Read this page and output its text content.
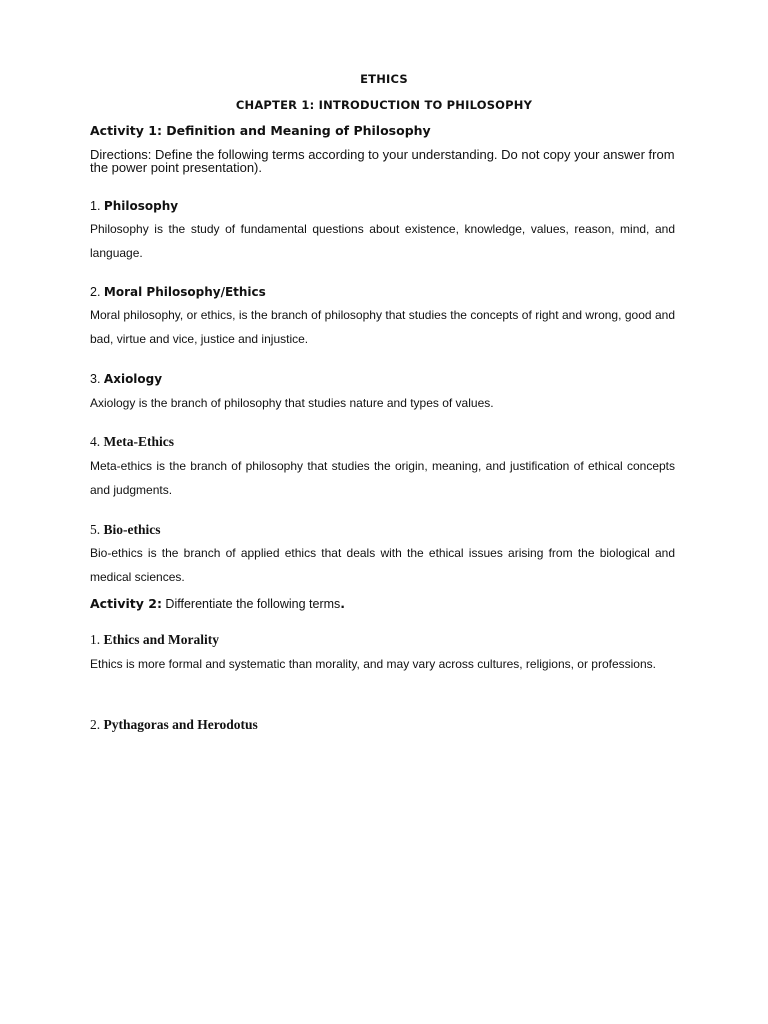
ETHICS
CHAPTER 1: INTRODUCTION TO PHILOSOPHY
Activity 1: Definition and Meaning of Philosophy
Directions: Define the following terms according to your understanding. Do not copy your answer from the power point presentation).
1. Philosophy
Philosophy is the study of fundamental questions about existence, knowledge, values, reason, mind, and language.
2. Moral Philosophy/Ethics
Moral philosophy, or ethics, is the branch of philosophy that studies the concepts of right and wrong, good and bad, virtue and vice, justice and injustice.
3. Axiology
Axiology is the branch of philosophy that studies nature and types of values.
4. Meta-Ethics
Meta-ethics is the branch of philosophy that studies the origin, meaning, and justification of ethical concepts and judgments.
5. Bio-ethics
Bio-ethics is the branch of applied ethics that deals with the ethical issues arising from the biological and medical sciences.
Activity 2: Differentiate the following terms.
1. Ethics and Morality
Ethics is more formal and systematic than morality, and may vary across cultures, religions, or professions.
2. Pythagoras and Herodotus
